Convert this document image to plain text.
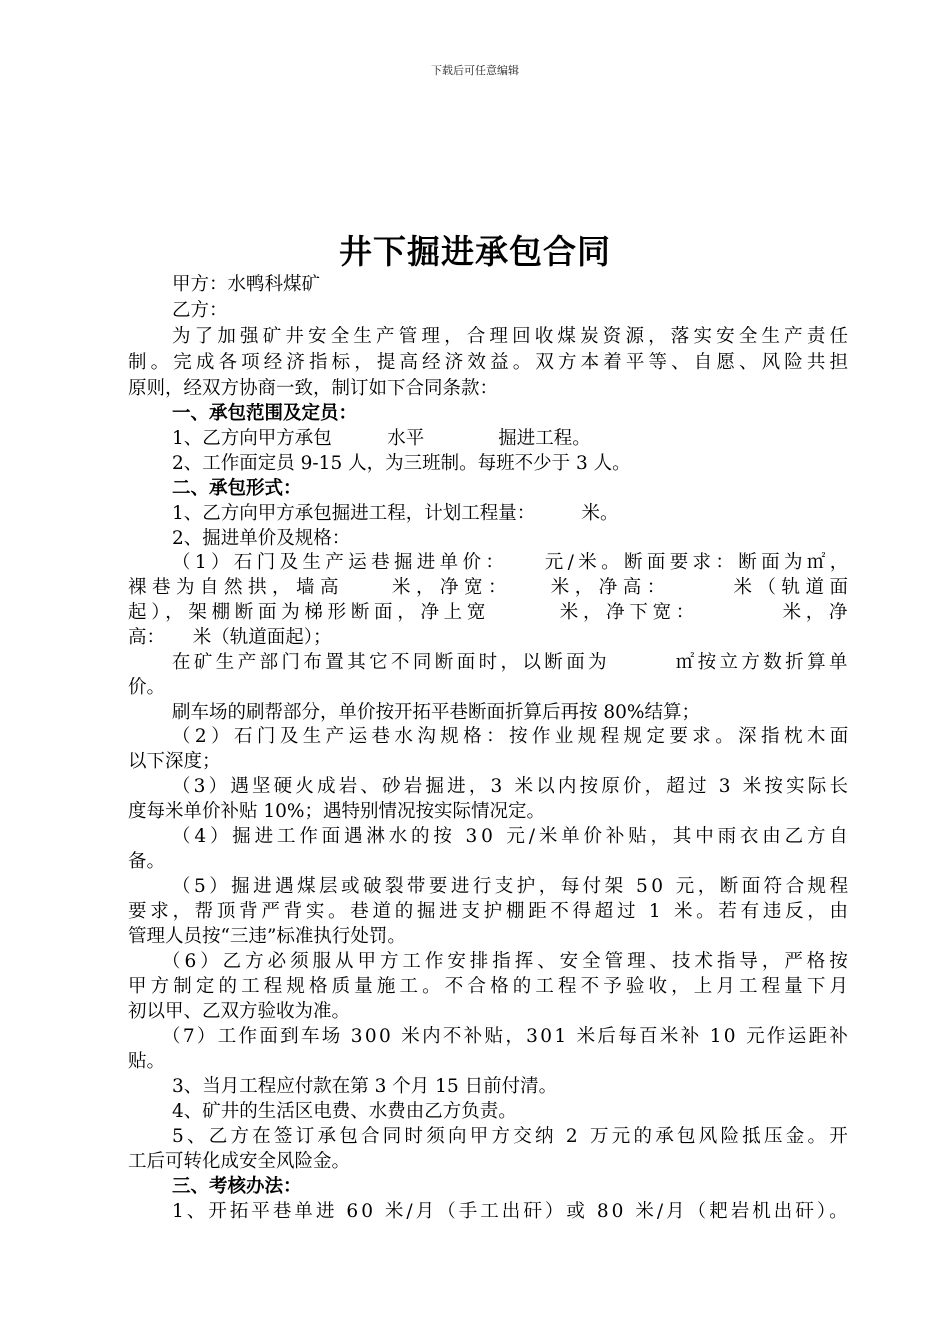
下载后可任意编辑
井下掘进承包合同
甲方：水鸭科煤矿
乙方：
为了加强矿井安全生产管理，合理回收煤炭资源，落实安全生产责任
制。完成各项经济指标，提高经济效益。双方本着平等、自愿、风险共担
原则，经双方协商一致，制订如下合同条款：
一、承包范围及定员：
1、乙方向甲方承包　　　水平　　　　掘进工程。
2、工作面定员 9-15 人，为三班制。每班不少于 3 人。
二、承包形式：
1、乙方向甲方承包掘进工程，计划工程量：　　　米。
2、掘进单价及规格：
（1）石门及生产运巷掘进单价：　　元/米。断面要求：断面为㎡，
裸巷为自然拱，墙高　　米，净宽：　　米，净高：　　　米（轨道面
起），架棚断面为梯形断面，净上宽　　　米，净下宽：　　　　米，净
高：　　米（轨道面起）；
在矿生产部门布置其它不同断面时，以断面为　　　㎡按立方数折算单
价。
刷车场的刷帮部分，单价按开拓平巷断面折算后再按 80%结算；
（2）石门及生产运巷水沟规格：按作业规程规定要求。深指枕木面
以下深度；
（3）遇坚硬火成岩、砂岩掘进，3 米以内按原价，超过 3 米按实际长
度每米单价补贴 10%；遇特别情况按实际情况定。
（4）掘进工作面遇淋水的按 30 元/米单价补贴，其中雨衣由乙方自
备。
（5）掘进遇煤层或破裂带要进行支护，每付架 50 元，断面符合规程
要求，帮顶背严背实。巷道的掘进支护棚距不得超过 1 米。若有违反，由
管理人员按“三违”标准执行处罚。
（6）乙方必须服从甲方工作安排指挥、安全管理、技术指导，严格按
甲方制定的工程规格质量施工。不合格的工程不予验收，上月工程量下月
初以甲、乙双方验收为准。
（7）工作面到车场 300 米内不补贴，301 米后每百米补 10 元作运距补
贴。
3、当月工程应付款在第 3 个月 15 日前付清。
4、矿井的生活区电费、水费由乙方负责。
5、乙方在签订承包合同时须向甲方交纳 2 万元的承包风险抵压金。开
工后可转化成安全风险金。
三、考核办法：
1、开拓平巷单进 60 米/月（手工出矸）或 80 米/月（耙岩机出矸）。
